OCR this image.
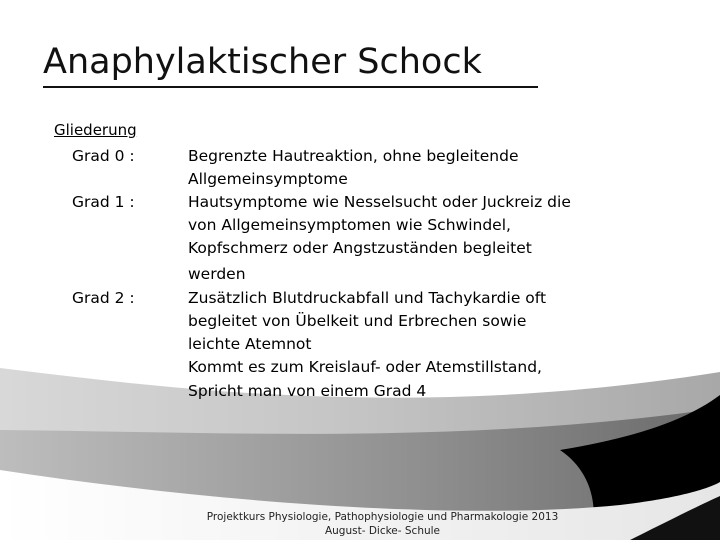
Anaphylaktischer Schock
Gliederung
Grad 0 :	Begrenzte Hautreaktion, ohne begleitende
Allgemeinsymptome
Grad 1 :	Hautsymptome wie Nesselsucht oder Juckreiz die
von Allgemeinsymptomen wie Schwindel,
Kopfschmerz oder Angstzuständen begleitet
werden
Grad 2 :	Zusätzlich Blutdruckabfall und Tachykardie oft
begleitet von Übelkeit und Erbrechen sowie
leichte Atemnot
Kommt es zum Kreislauf- oder Atemstillstand,
Spricht man von einem Grad 4
Projektkurs Physiologie, Pathophysiologie und Pharmakologie 2013
August- Dicke- Schule
